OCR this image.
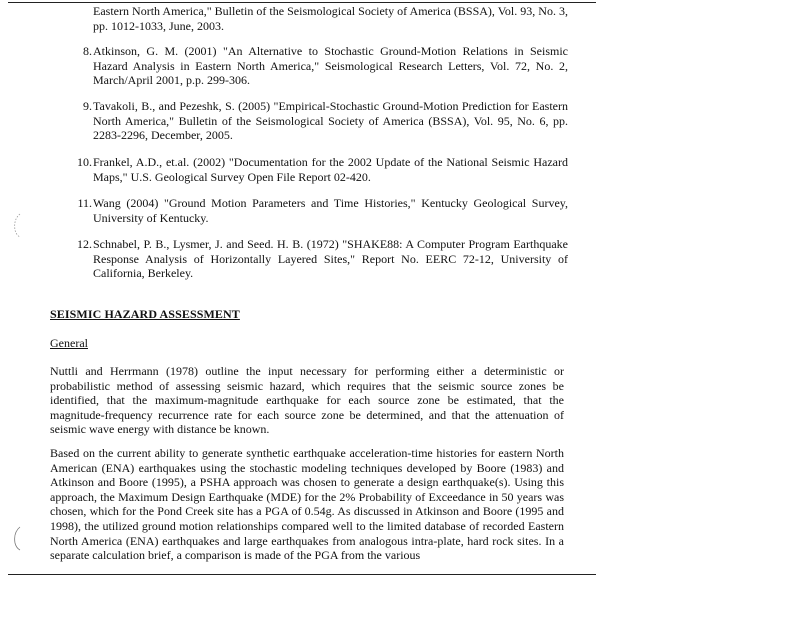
Eastern North America," Bulletin of the Seismological Society of America (BSSA), Vol. 93, No. 3, pp. 1012-1033, June, 2003.
8. Atkinson, G. M. (2001) "An Alternative to Stochastic Ground-Motion Relations in Seismic Hazard Analysis in Eastern North America," Seismological Research Letters, Vol. 72, No. 2, March/April 2001, p.p. 299-306.
9. Tavakoli, B., and Pezeshk, S. (2005) "Empirical-Stochastic Ground-Motion Prediction for Eastern North America," Bulletin of the Seismological Society of America (BSSA), Vol. 95, No. 6, pp. 2283-2296, December, 2005.
10. Frankel, A.D., et.al. (2002) "Documentation for the 2002 Update of the National Seismic Hazard Maps," U.S. Geological Survey Open File Report 02-420.
11. Wang (2004) "Ground Motion Parameters and Time Histories," Kentucky Geological Survey, University of Kentucky.
12. Schnabel, P. B., Lysmer, J. and Seed. H. B. (1972) "SHAKE88: A Computer Program Earthquake Response Analysis of Horizontally Layered Sites," Report No. EERC 72-12, University of California, Berkeley.
SEISMIC HAZARD ASSESSMENT
General
Nuttli and Herrmann (1978) outline the input necessary for performing either a deterministic or probabilistic method of assessing seismic hazard, which requires that the seismic source zones be identified, that the maximum-magnitude earthquake for each source zone be estimated, that the magnitude-frequency recurrence rate for each source zone be determined, and that the attenuation of seismic wave energy with distance be known.
Based on the current ability to generate synthetic earthquake acceleration-time histories for eastern North American (ENA) earthquakes using the stochastic modeling techniques developed by Boore (1983) and Atkinson and Boore (1995), a PSHA approach was chosen to generate a design earthquake(s). Using this approach, the Maximum Design Earthquake (MDE) for the 2% Probability of Exceedance in 50 years was chosen, which for the Pond Creek site has a PGA of 0.54g. As discussed in Atkinson and Boore (1995 and 1998), the utilized ground motion relationships compared well to the limited database of recorded Eastern North America (ENA) earthquakes and large earthquakes from analogous intra-plate, hard rock sites. In a separate calculation brief, a comparison is made of the PGA from the various
